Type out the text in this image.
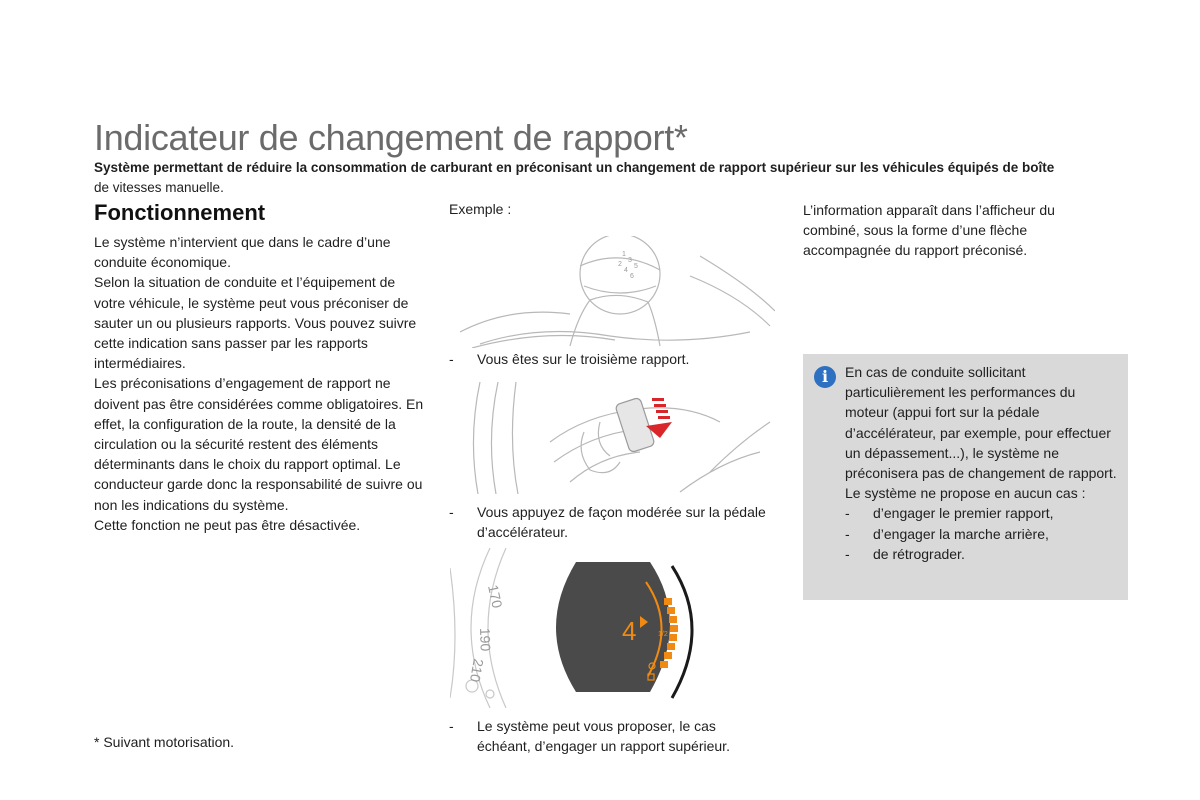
Indicateur de changement de rapport*
Système permettant de réduire la consommation de carburant en préconisant un changement de rapport supérieur sur les véhicules équipés de boîte
de vitesses manuelle.
Fonctionnement

Le système n’intervient que dans le cadre d’une conduite économique.

Selon la situation de conduite et l’équipement de votre véhicule, le système peut vous préconiser de sauter un ou plusieurs rapports. Vous pouvez suivre cette indication sans passer par les rapports intermédiaires.

Les préconisations d’engagement de rapport ne doivent pas être considérées comme obligatoires. En effet, la configuration de la route, la densité de la circulation ou la sécurité restent des éléments déterminants dans le choix du rapport optimal. Le conducteur garde donc la responsabilité de suivre ou non les indications du système.

Cette fonction ne peut pas être désactivée.

* Suivant motorisation.
Exemple :
1
3
5
2
4
6
- Vous êtes sur le troisième rapport.
- Vous appuyez de façon modérée sur la pédale d’accélérateur.
170
190
210
4	1/2
- Le système peut vous proposer, le cas échéant, d’engager un rapport supérieur.
L’information apparaît dans l’afficheur du combiné, sous la forme d’une flèche accompagnée du rapport préconisé.
i	En cas de conduite sollicitant particulièrement les performances du moteur (appui fort sur la pédale d’accélérateur, par exemple, pour effectuer un dépassement...), le système ne préconisera pas de changement de rapport.

Le système ne propose en aucun cas :

- d’engager le premier rapport,
- d’engager la marche arrière,
- de rétrograder.
